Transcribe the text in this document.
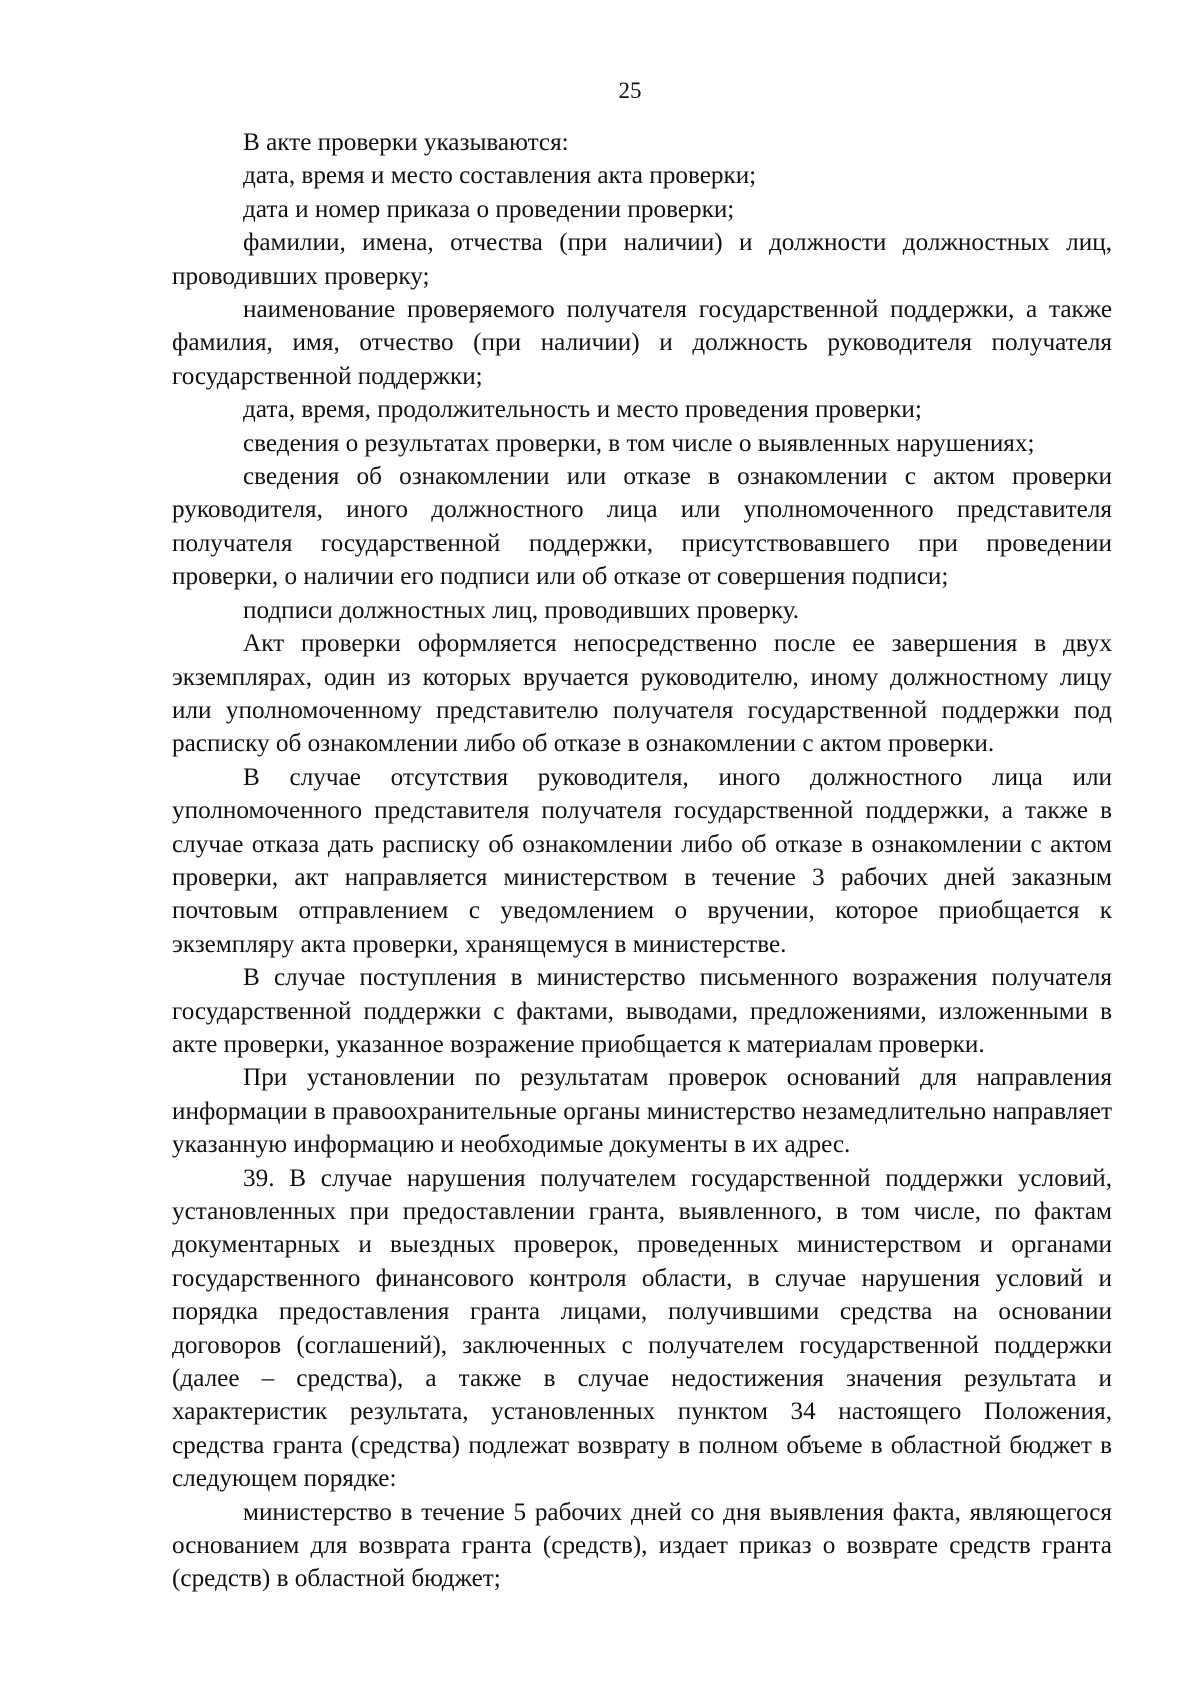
25

В акте проверки указываются:

дата, время и место составления акта проверки;

дата и номер приказа о проведении проверки;

фамилии, имена, отчества (при наличии) и должности должностных лиц, проводивших проверку;

наименование проверяемого получателя государственной поддержки, а также фамилия, имя, отчество (при наличии) и должность руководителя получателя государственной поддержки;

дата, время, продолжительность и место проведения проверки;

сведения о результатах проверки, в том числе о выявленных нарушениях;

сведения об ознакомлении или отказе в ознакомлении с актом проверки руководителя, иного должностного лица или уполномоченного представителя получателя государственной поддержки, присутствовавшего при проведении проверки, о наличии его подписи или об отказе от совершения подписи;

подписи должностных лиц, проводивших проверку.

Акт проверки оформляется непосредственно после ее завершения в двух экземплярах, один из которых вручается руководителю, иному должностному лицу или уполномоченному представителю получателя государственной поддержки под расписку об ознакомлении либо об отказе в ознакомлении с актом проверки.

В случае отсутствия руководителя, иного должностного лица или уполномоченного представителя получателя государственной поддержки, а также в случае отказа дать расписку об ознакомлении либо об отказе в ознакомлении с актом проверки, акт направляется министерством в течение 3 рабочих дней заказным почтовым отправлением с уведомлением о вручении, которое приобщается к экземпляру акта проверки, хранящемуся в министерстве.

В случае поступления в министерство письменного возражения получателя государственной поддержки с фактами, выводами, предложениями, изложенными в акте проверки, указанное возражение приобщается к материалам проверки.

При установлении по результатам проверок оснований для направления информации в правоохранительные органы министерство незамедлительно направляет указанную информацию и необходимые документы в их адрес.

39. В случае нарушения получателем государственной поддержки условий, установленных при предоставлении гранта, выявленного, в том числе, по фактам документарных и выездных проверок, проведенных министерством и органами государственного финансового контроля области, в случае нарушения условий и порядка предоставления гранта лицами, получившими средства на основании договоров (соглашений), заключенных с получателем государственной поддержки (далее – средства), а также в случае недостижения значения результата и характеристик результата, установленных пунктом 34 настоящего Положения, средства гранта (средства) подлежат возврату в полном объеме в областной бюджет в следующем порядке:

министерство в течение 5 рабочих дней со дня выявления факта, являющегося основанием для возврата гранта (средств), издает приказ о возврате средств гранта (средств) в областной бюджет;
